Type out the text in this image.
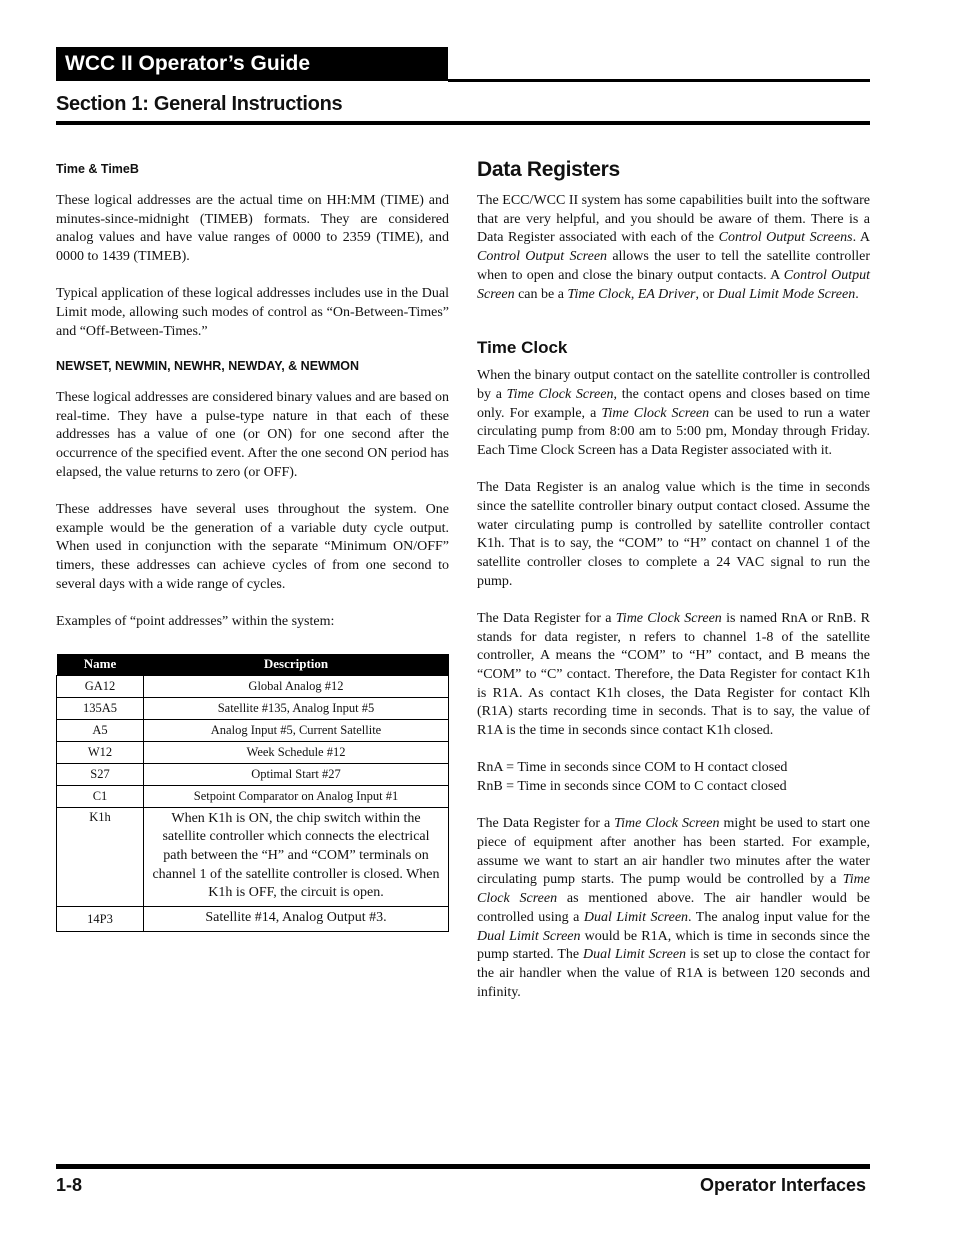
WCC II Operator’s Guide
Section 1: General Instructions
Time & TimeB

These logical addresses are the actual time on HH:MM (TIME) and minutes-since-midnight (TIMEB) formats. They are considered analog values and have value ranges of 0000 to 2359 (TIME), and 0000 to 1439 (TIMEB).

Typical application of these logical addresses includes use in the Dual Limit mode, allowing such modes of control as “On-Between-Times” and “Off-Between-Times.”

NEWSET, NEWMIN, NEWHR, NEWDAY, & NEWMON

These logical addresses are considered binary values and are based on real-time. They have a pulse-type nature in that each of these addresses has a value of one (or ON) for one second after the occurrence of the specified event. After the one second ON period has elapsed, the value returns to zero (or OFF).

These addresses have several uses throughout the system. One example would be the generation of a variable duty cycle output. When used in conjunction with the separate “Minimum ON/OFF” timers, these addresses can achieve cycles of from one second to several days with a wide range of cycles.

Examples of “point addresses” within the system:

Name	Description
GA12	Global Analog #12
135A5	Satellite #135, Analog Input #5
A5	Analog Input #5, Current Satellite
W12	Week Schedule #12
S27	Optimal Start #27
C1	Setpoint Comparator on Analog Input #1
K1h	When K1h is ON, the chip switch within the satellite controller which connects the electrical path between the “H” and “COM” terminals on channel 1 of the satellite controller is closed. When K1h is OFF, the circuit is open.
14P3	Satellite #14, Analog Output #3.
Data Registers

The ECC/WCC II system has some capabilities built into the software that are very helpful, and you should be aware of them. There is a Data Register associated with each of the Control Output Screens. A Control Output Screen allows the user to tell the satellite controller when to open and close the binary output contacts. A Control Output Screen can be a Time Clock, EA Driver, or Dual Limit Mode Screen.

Time Clock

When the binary output contact on the satellite controller is controlled by a Time Clock Screen, the contact opens and closes based on time only. For example, a Time Clock Screen can be used to run a water circulating pump from 8:00 am to 5:00 pm, Monday through Friday. Each Time Clock Screen has a Data Register associated with it.

The Data Register is an analog value which is the time in seconds since the satellite controller binary output contact closed. Assume the water circulating pump is controlled by satellite controller contact K1h. That is to say, the “COM” to “H” contact on channel 1 of the satellite controller closes to complete a 24 VAC signal to run the pump.

The Data Register for a Time Clock Screen is named RnA or RnB. R stands for data register, n refers to channel 1-8 of the satellite controller, A means the “COM” to “H” contact, and B means the “COM” to “C” contact. Therefore, the Data Register for contact K1h is R1A. As contact K1h closes, the Data Register for contact Klh (R1A) starts recording time in seconds. That is to say, the value of R1A is the time in seconds since contact K1h closed.

RnA = Time in seconds since COM to H contact closed
RnB = Time in seconds since COM to C contact closed

The Data Register for a Time Clock Screen might be used to start one piece of equipment after another has been started. For example, assume we want to start an air handler two minutes after the water circulating pump starts. The pump would be controlled by a Time Clock Screen as mentioned above. The air handler would be controlled using a Dual Limit Screen. The analog input value for the Dual Limit Screen would be R1A, which is time in seconds since the pump started. The Dual Limit Screen is set up to close the contact for the air handler when the value of R1A is between 120 seconds and infinity.

1-8	Operator Interfaces
